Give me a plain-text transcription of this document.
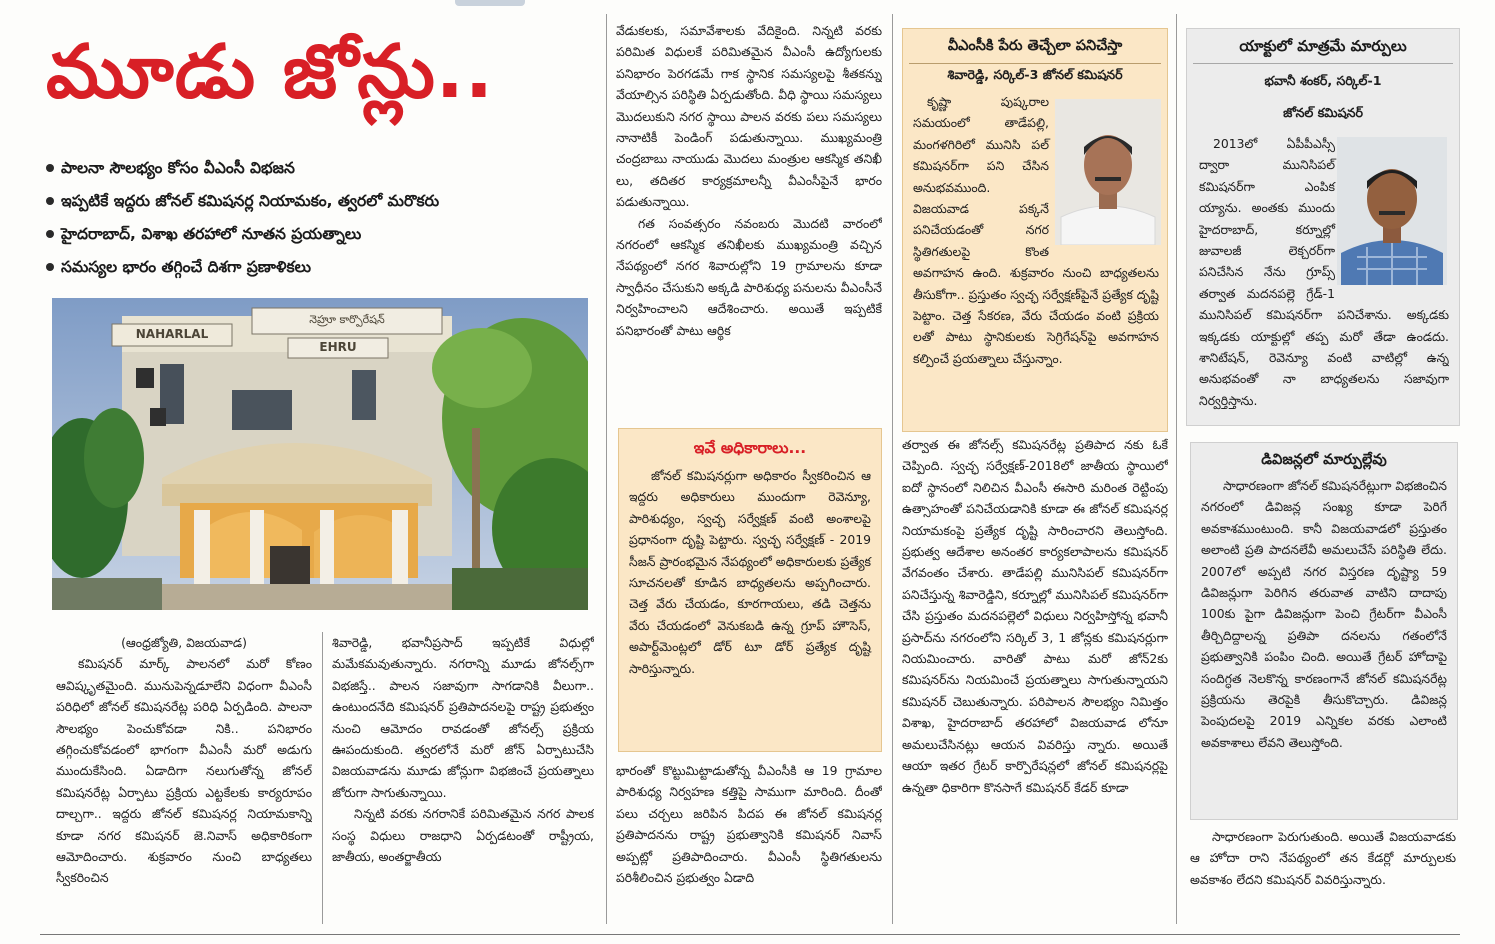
మూడు జోన్లు..
పాలనా సౌలభ్యం కోసం వీఎంసీ విభజన
ఇప్పటికే ఇద్దరు జోనల్ కమిషనర్ల నియామకం, త్వరలో మరొకరు
హైదరాబాద్, విశాఖ తరహాలో నూతన ప్రయత్నాలు
సమస్యల భారం తగ్గించే దిశగా ప్రణాళికలు
NAHARLAL
నెహ్రూ కార్పొరేషన్
EHRU
(ఆంధ్రజ్యోతి, విజయవాడ)

కమిషనర్ మార్క్ పాలనలో మరో కోణం ఆవిష్కృతమైంది. మునుపెన్నడూలేని విధంగా వీఎంసీ పరిధిలో జోనల్ కమిషనరేట్ల పరిధి ఏర్పడింది. పాలనా సౌలభ్యం పెంచుకోవడా నికి.. పనిభారం తగ్గించుకోవడంలో భాగంగా వీఎంసీ మరో అడుగు ముందుకేసింది. ఏడాదిగా నలుగుతోన్న జోనల్ కమిషనరేట్ల ఏర్పాటు ప్రక్రియ ఎట్టకేలకు కార్యరూపం దాల్చగా.. ఇద్దరు జోనల్ కమిషనర్ల నియామకాన్ని కూడా నగర కమిషనర్ జె.నివాస్ అధికారికంగా ఆమోదించారు. శుక్రవారం నుంచి బాధ్యతలు స్వీకరించిన

శివారెడ్డి, భవానీప్రసాద్ ఇప్పటికే విధుల్లో మమేకమవుతున్నారు. నగరాన్ని మూడు జోనల్స్‌గా విభజిస్తే.. పాలన సజావుగా సాగడానికి వీలుగా.. ఉంటుందనేది కమిషనర్ ప్రతిపాదనలపై రాష్ట్ర ప్రభుత్వం నుంచి ఆమోదం రావడంతో జోనల్స్ ప్రక్రియ ఊపందుకుంది. త్వరలోనే మరో జోన్ ఏర్పాటుచేసి విజయవాడను మూడు జోన్లుగా విభజించే ప్రయత్నాలు జోరుగా సాగుతున్నాయి.

నిన్నటి వరకు నగరానికే పరిమితమైన నగర పాలక సంస్థ విధులు రాజధాని ఏర్పడటంతో రాష్ట్రీయ, జాతీయ, అంతర్జాతీయ

వేడుకలకు, సమావేశాలకు వేదికైంది. నిన్నటి వరకు పరిమిత విధులకే పరిమితమైన వీఎంసీ ఉద్యోగులకు పనిభారం పెరగడమే గాక స్థానిక సమస్యలపై శీతకన్ను వేయాల్సిన పరిస్థితి ఏర్పడుతోంది. వీధి స్థాయి సమస్యలు మొదలుకుని నగర స్థాయి పాలన వరకు పలు సమస్యలు నానాటికీ పెండింగ్ పడుతున్నాయి. ముఖ్యమంత్రి చంద్రబాబు నాయుడు మొదలు మంత్రుల ఆకస్మిక తనిఖీ లు, తదితర కార్యక్రమాలన్నీ వీఎంసీపైనే భారం పడుతున్నాయి.

గత సంవత్సరం నవంబరు మొదటి వారంలో నగరంలో ఆకస్మిక తనిఖీలకు ముఖ్యమంత్రి వచ్చిన నేపథ్యంలో నగర శివారుల్లోని 19 గ్రామాలను కూడా స్వాధీనం చేసుకుని అక్కడి పారిశుధ్య పనులను వీఎంసీనే నిర్వహించాలని ఆదేశించారు. అయితే ఇప్పటికే పనిభారంతో పాటు ఆర్థిక

ఇవే అధికారాలు...

జోనల్ కమిషనర్లుగా అధికారం స్వీకరించిన ఆ ఇద్దరు అధికారులు ముందుగా రెవెన్యూ, పారిశుధ్యం, స్వచ్ఛ సర్వేక్షణ్ వంటి అంశాలపై ప్రధానంగా దృష్టి పెట్టారు. స్వచ్ఛ సర్వేక్షణ్ - 2019 సీజన్ ప్రారంభమైన నేపథ్యంలో అధికారులకు ప్రత్యేక సూచనలతో కూడిన బాధ్యతలను అప్పగించారు. చెత్త వేరు చేయడం, కూరగాయలు, తడి చెత్తను వేరు చేయడంలో వెనుకబడి ఉన్న గ్రూప్ హౌసెస్, అపార్ట్‌మెంట్లలో డోర్ టూ డోర్ ప్రత్యేక దృష్టి సారిస్తున్నారు.

భారంతో కొట్టుమిట్టాడుతోన్న వీఎంసీకి ఆ 19 గ్రామాల పారిశుధ్య నిర్వహణ కత్తిపై సాముగా మారింది. దీంతో పలు చర్చలు జరిపిన పిదప ఈ జోనల్ కమిషనర్ల ప్రతిపాదనను రాష్ట్ర ప్రభుత్వానికి కమిషనర్ నివాస్ అప్పట్లో ప్రతిపాదించారు. వీఎంసీ స్థితిగతులను పరిశీలించిన ప్రభుత్వం ఏడాది

వీఎంసీకి పేరు తెచ్చేలా పనిచేస్తా
శివారెడ్డి, సర్కిల్-3 జోనల్ కమిషనర్

కృష్ణా పుష్కరాల సమయంలో తాడేపల్లి, మంగళగిరిలో మునిసి పల్ కమిషనర్‌గా పని చేసిన అనుభవముంది. విజయవాడ పక్కనే పనిచేయడంతో నగర స్థితిగతులపై కొంత అవగాహన ఉంది. శుక్రవారం నుంచి బాధ్యతలను తీసుకోగా.. ప్రస్తుతం స్వచ్ఛ సర్వేక్షణ్‌పైనే ప్రత్యేక దృష్టి పెట్టాం. చెత్త సేకరణ, వేరు చేయడం వంటి ప్రక్రియ లతో పాటు స్థానికులకు సెగ్రిగేషన్‌పై అవగాహన కల్పించే ప్రయత్నాలు చేస్తున్నాం.

తర్వాత ఈ జోనల్స్ కమిషనరేట్ల ప్రతిపాద నకు ఓకే చెప్పింది. స్వచ్ఛ సర్వేక్షణ్-2018లో జాతీయ స్థాయిలో ఐదో స్థానంలో నిలిచిన వీఎంసీ ఈసారి మరింత రెట్టింపు ఉత్సాహంతో పనిచేయడానికి కూడా ఈ జోనల్ కమిషనర్ల నియామకంపై ప్రత్యేక దృష్టి సారించారని తెలుస్తోంది. ప్రభుత్వ ఆదేశాల అనంతర కార్యకలాపాలను కమిషనర్ వేగవంతం చేశారు. తాడేపల్లి మునిసిపల్ కమిషనర్‌గా పనిచేస్తున్న శివారెడ్డిని, కర్నూల్లో మునిసిపల్ కమిషనర్‌గా చేసి ప్రస్తుతం మదనపల్లెలో విధులు నిర్వహిస్తోన్న భవానీ ప్రసాద్‌ను నగరంలోని సర్కిల్ 3, 1 జోన్లకు కమిషనర్లుగా నియమించారు. వారితో పాటు మరో జోన్‌2కు కమిషనర్‌ను నియమించే ప్రయత్నాలు సాగుతున్నాయని కమిషనర్ చెబుతున్నారు. పరిపాలన సౌలభ్యం నిమిత్తం విశాఖ, హైదరాబాద్ తరహాలో విజయవాడ లోనూ అమలుచేసినట్లు ఆయన వివరిస్తు న్నారు. అయితే ఆయా ఇతర గ్రేటర్ కార్పొరేషన్లలో జోనల్ కమిషనర్లపై ఉన్నతా ధికారిగా కొనసాగే కమిషనర్ కేడర్ కూడా

యాక్టులో మాత్రమే మార్పులు
భవానీ శంకర్, సర్కిల్-1
జోనల్ కమిషనర్

2013లో ఏపీపీఎస్సీ ద్వారా మునిసిపల్ కమిషనర్‌గా ఎంపిక య్యాను. అంతకు ముందు హైదరాబాద్, కర్నూల్లో జువాలజీ లెక్చరర్‌గా పనిచేసిన నేను గ్రూప్స్ తర్వాత మదనపల్లె గ్రేడ్-1 మునిసిపల్ కమిషనర్‌గా పనిచేశాను. అక్కడకు ఇక్కడకు యాక్టుల్లో తప్ప మరో తేడా ఉండదు. శానిటేషన్, రెవెన్యూ వంటి వాటిల్లో ఉన్న అనుభవంతో నా బాధ్యతలను సజావుగా నిర్వర్తిస్తాను.

డివిజన్లలో మార్పుల్లేవు

సాధారణంగా జోనల్ కమిషనరేట్లుగా విభజించిన నగరంలో డివిజన్ల సంఖ్య కూడా పెరిగే అవకాశముంటుంది. కానీ విజయవాడలో ప్రస్తుతం అలాంటి ప్రతి పాదనలేవీ అమలుచేసే పరిస్థితి లేదు. 2007లో అప్పటి నగర విస్తరణ దృష్ట్యా 59 డివిజన్లుగా పెరిగిన తరువాత వాటిని దాదాపు 100కు పైగా డివిజన్లుగా పెంచి గ్రేటర్‌గా వీఎంసీ తీర్చిదిద్దాలన్న ప్రతిపా దనలను గతంలోనే ప్రభుత్వానికి పంపిం చింది. అయితే గ్రేటర్ హోదాపై సందిగ్ధత నెలకొన్న కారణంగానే జోనల్ కమిషనరేట్ల ప్రక్రియను తెరపైకి తీసుకొచ్చారు. డివిజన్ల పెంపుదలపై 2019 ఎన్నికల వరకు ఎలాంటి అవకాశాలు లేవని తెలుస్తోంది.

సాధారణంగా పెరుగుతుంది. అయితే విజయవాడకు ఆ హోదా రాని నేపథ్యంలో తన కేడర్లో మార్పులకు అవకాశం లేదని కమిషనర్ వివరిస్తున్నారు.
